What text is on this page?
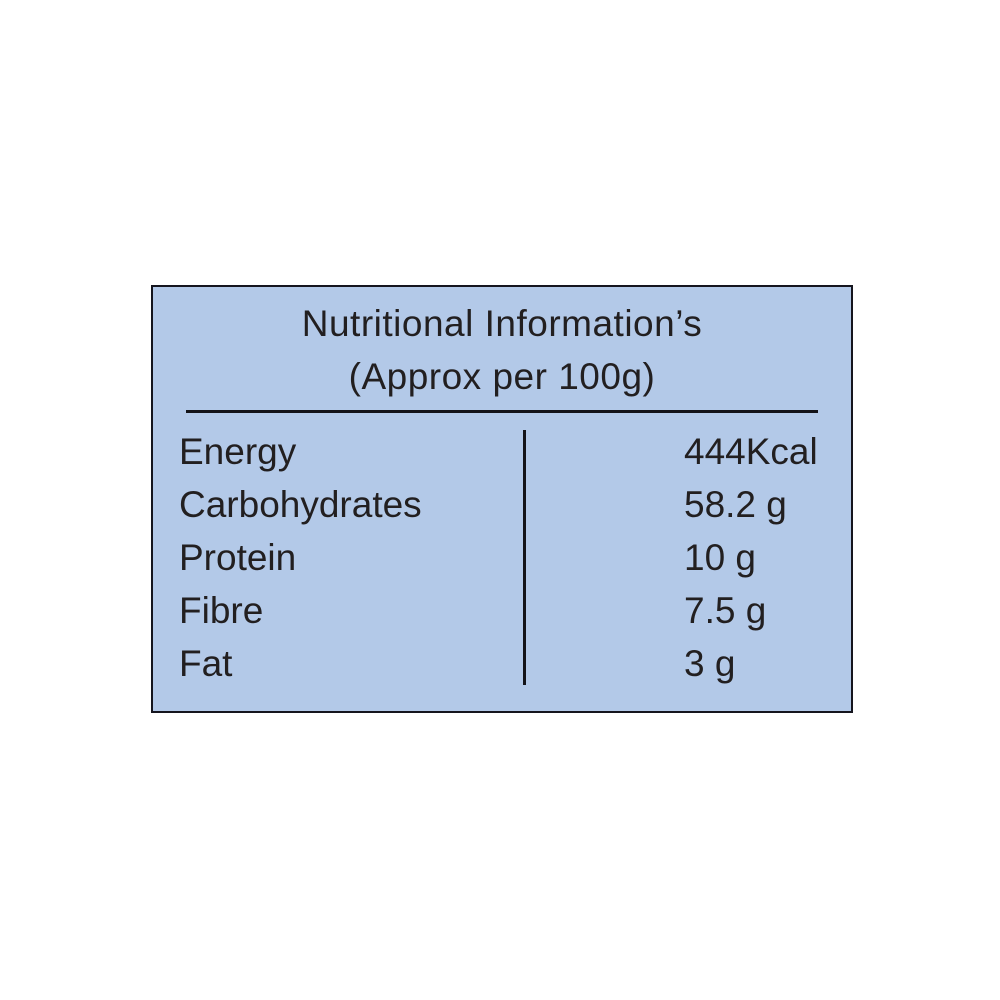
Nutritional Information’s
(Approx per 100g)
Energy	444Kcal
Carbohydrates	58.2 g
Protein	10 g
Fibre	7.5 g
Fat	3 g
